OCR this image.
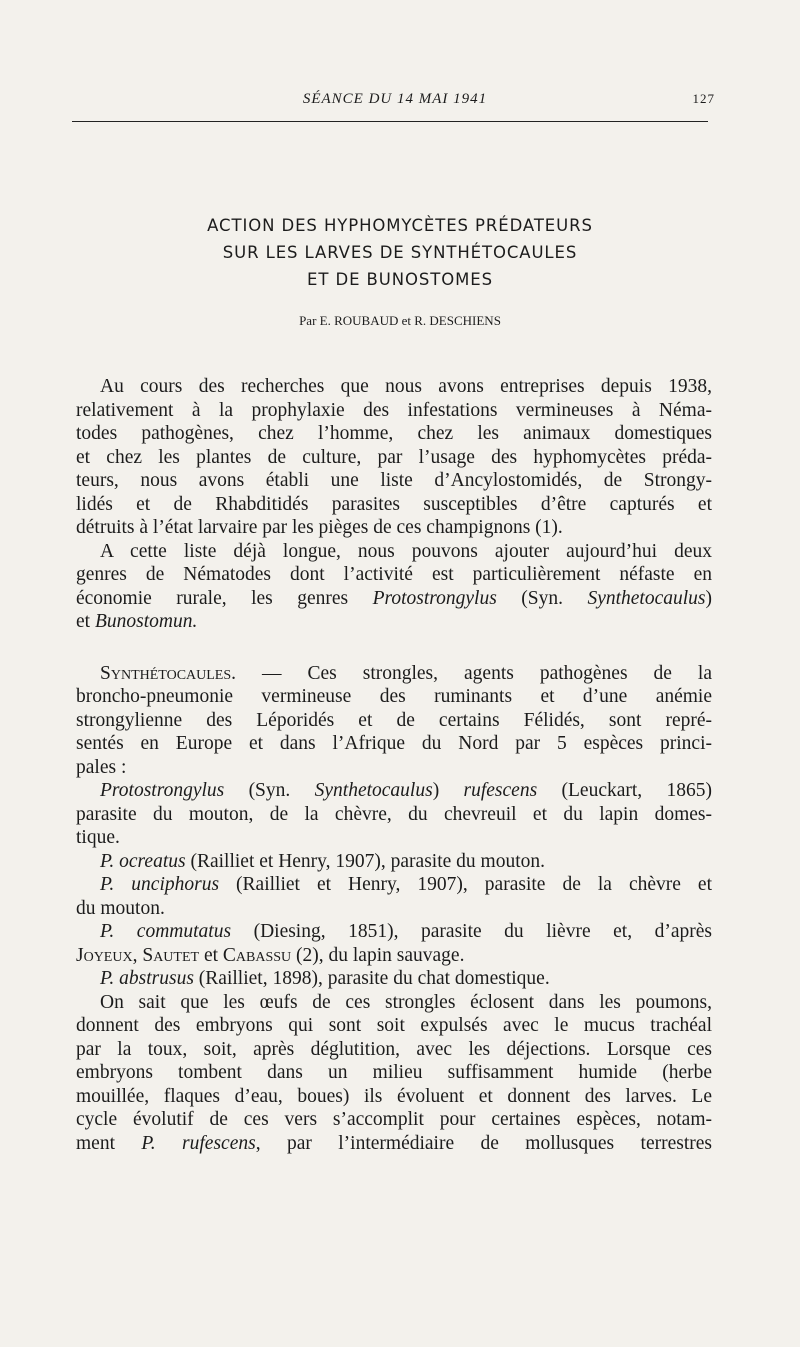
SÉANCE DU 14 MAI 1941	127
ACTION DES HYPHOMYCÈTES PRÉDATEURS
SUR LES LARVES DE SYNTHÉTOCAULES
ET DE BUNOSTOMES
Par E. ROUBAUD et R. DESCHIENS
Au cours des recherches que nous avons entreprises depuis 1938,
relativement à la prophylaxie des infestations vermineuses à Néma-
todes pathogènes, chez l’homme, chez les animaux domestiques
et chez les plantes de culture, par l’usage des hyphomycètes préda-
teurs, nous avons établi une liste d’Ancylostomidés, de Strongy-
lidés et de Rhabditidés parasites susceptibles d’être capturés et
détruits à l’état larvaire par les pièges de ces champignons (1).
A cette liste déjà longue, nous pouvons ajouter aujourd’hui deux
genres de Nématodes dont l’activité est particulièrement néfaste en
économie rurale, les genres Protostrongylus (Syn. Synthetocaulus)
et Bunostomun.
Synthétocaules. — Ces strongles, agents pathogènes de la
broncho-pneumonie vermineuse des ruminants et d’une anémie
strongylienne des Léporidés et de certains Félidés, sont repré-
sentés en Europe et dans l’Afrique du Nord par 5 espèces princi-
pales :
Protostrongylus (Syn. Synthetocaulus) rufescens (Leuckart, 1865)
parasite du mouton, de la chèvre, du chevreuil et du lapin domes-
tique.
P. ocreatus (Railliet et Henry, 1907), parasite du mouton.
P. unciphorus (Railliet et Henry, 1907), parasite de la chèvre et
du mouton.
P. commutatus (Diesing, 1851), parasite du lièvre et, d’après
Joyeux, Sautet et Cabassu (2), du lapin sauvage.
P. abstrusus (Railliet, 1898), parasite du chat domestique.
On sait que les œufs de ces strongles éclosent dans les poumons,
donnent des embryons qui sont soit expulsés avec le mucus trachéal
par la toux, soit, après déglutition, avec les déjections. Lorsque ces
embryons tombent dans un milieu suffisamment humide (herbe
mouillée, flaques d’eau, boues) ils évoluent et donnent des larves. Le
cycle évolutif de ces vers s’accomplit pour certaines espèces, notam-
ment P. rufescens, par l’intermédiaire de mollusques terrestres
